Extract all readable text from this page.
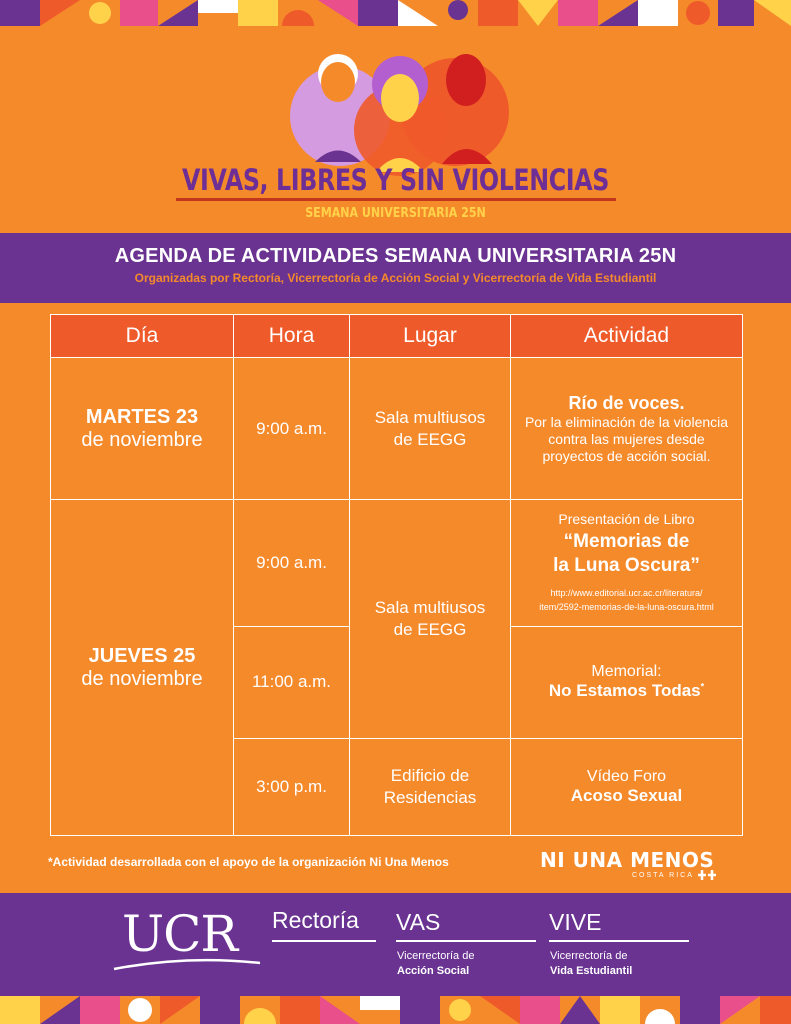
VIVAS, LIBRES Y SIN VIOLENCIAS
SEMANA UNIVERSITARIA 25N
AGENDA DE ACTIVIDADES SEMANA UNIVERSITARIA 25N
Organizadas por Rectoría, Vicerrectoría de Acción Social y Vicerrectoría de Vida Estudiantil
Día	Hora	Lugar	Actividad

MARTES 23
de noviembre	9:00 a.m.	Sala multiusos
de EEGG	Río de voces.
Por la eliminación de la violencia contra las mujeres desde proyectos de acción social.

JUEVES 25
de noviembre	9:00 a.m.	Sala multiusos
de EEGG	Presentación de Libro
“Memorias de
la Luna Oscura”
http://www.editorial.ucr.ac.cr/literatura/
item/2592-memorias-de-la-luna-oscura.html

	11:00 a.m.		Memorial:
No Estamos Todas*

	3:00 p.m.	Edificio de
Residencias	Vídeo Foro
Acoso Sexual
*Actividad desarrollada con el apoyo de la organización Ni Una Menos	NI UNA MENOS
COSTA RICA
UCR Rectoría VAS
Vicerrectoría de
Acción Social
VIVE
Vicerrectoría de
Vida Estudiantil
